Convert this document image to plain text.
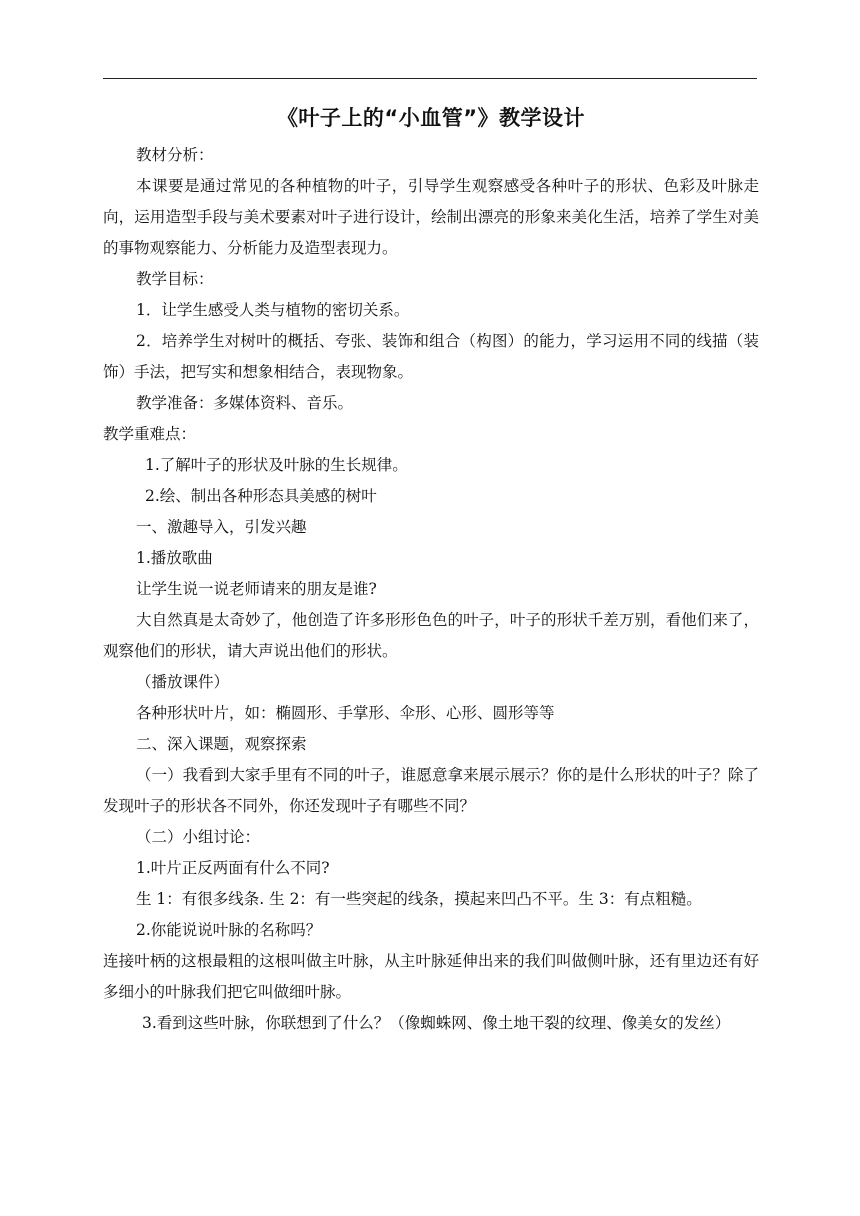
《叶子上的“小血管”》教学设计

教材分析：

本课要是通过常见的各种植物的叶子，引导学生观察感受各种叶子的形状、色彩及叶脉走向，运用造型手段与美术要素对叶子进行设计，绘制出漂亮的形象来美化生活，培养了学生对美的事物观察能力、分析能力及造型表现力。

教学目标：

1．让学生感受人类与植物的密切关系。

2．培养学生对树叶的概括、夸张、装饰和组合（构图）的能力，学习运用不同的线描（装饰）手法，把写实和想象相结合，表现物象。

教学准备：多媒体资料、音乐。

教学重难点：

1.了解叶子的形状及叶脉的生长规律。

2.绘、制出各种形态具美感的树叶

一、激趣导入，引发兴趣

1.播放歌曲

让学生说一说老师请来的朋友是谁?

大自然真是太奇妙了，他创造了许多形形色色的叶子，叶子的形状千差万别，看他们来了，观察他们的形状，请大声说出他们的形状。

（播放课件）

各种形状叶片，如：椭圆形、手掌形、伞形、心形、圆形等等

二、深入课题，观察探索

（一）我看到大家手里有不同的叶子，谁愿意拿来展示展示？你的是什么形状的叶子？除了发现叶子的形状各不同外，你还发现叶子有哪些不同？

（二）小组讨论：

1.叶片正反两面有什么不同?

生 1：有很多线条. 生 2：有一些突起的线条，摸起来凹凸不平。生 3：有点粗糙。

2.你能说说叶脉的名称吗？

连接叶柄的这根最粗的这根叫做主叶脉，从主叶脉延伸出来的我们叫做侧叶脉，还有里边还有好多细小的叶脉我们把它叫做细叶脉。

3.看到这些叶脉，你联想到了什么？（像蜘蛛网、像土地干裂的纹理、像美女的发丝）
